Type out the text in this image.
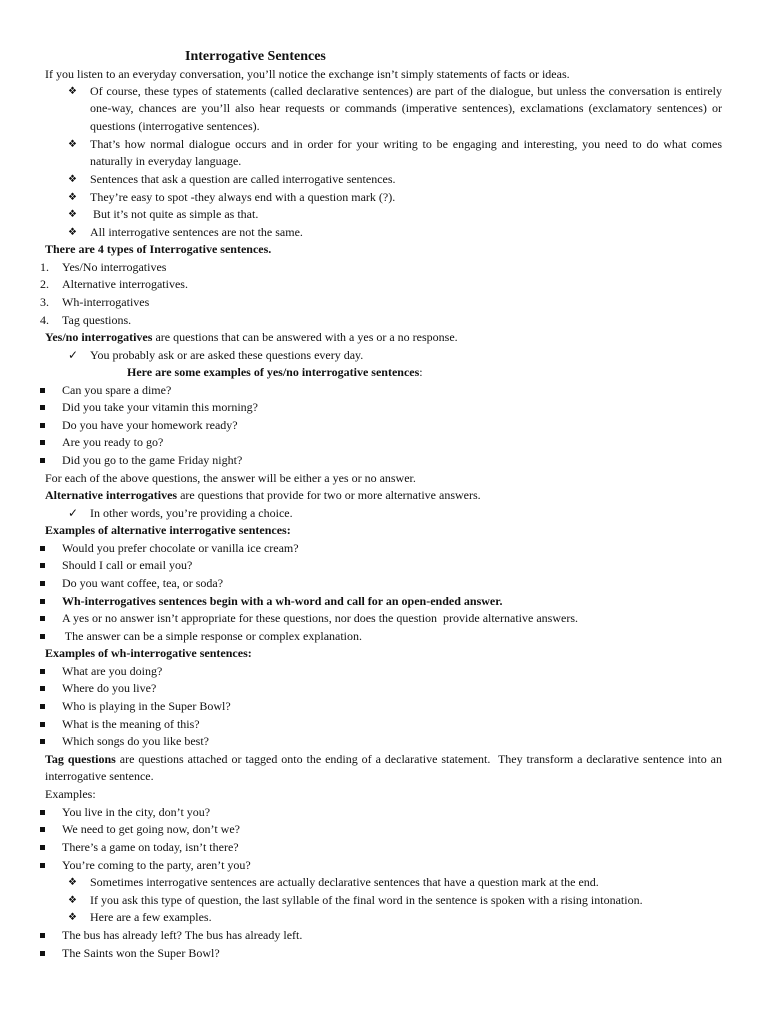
Interrogative Sentences
If you listen to an everyday conversation, you’ll notice the exchange isn’t simply statements of facts or ideas.
❖ Of course, these types of statements (called declarative sentences) are part of the dialogue, but unless the conversation is entirely one-way, chances are you’ll also hear requests or commands (imperative sentences), exclamations (exclamatory sentences) or questions (interrogative sentences).
❖ That’s how normal dialogue occurs and in order for your writing to be engaging and interesting, you need to do what comes naturally in everyday language.
❖ Sentences that ask a question are called interrogative sentences.
❖ They’re easy to spot -they always end with a question mark (?).
❖ But it’s not quite as simple as that.
❖ All interrogative sentences are not the same.
There are 4 types of Interrogative sentences.
1. Yes/No interrogatives
2. Alternative interrogatives.
3. Wh-interrogatives
4. Tag questions.
Yes/no interrogatives are questions that can be answered with a yes or a no response.
✓ You probably ask or are asked these questions every day.
Here are some examples of yes/no interrogative sentences:
Can you spare a dime?
Did you take your vitamin this morning?
Do you have your homework ready?
Are you ready to go?
Did you go to the game Friday night?
For each of the above questions, the answer will be either a yes or no answer.
Alternative interrogatives are questions that provide for two or more alternative answers.
✓ In other words, you’re providing a choice.
Examples of alternative interrogative sentences:
Would you prefer chocolate or vanilla ice cream?
Should I call or email you?
Do you want coffee, tea, or soda?
Wh-interrogatives sentences begin with a wh-word and call for an open-ended answer.
A yes or no answer isn’t appropriate for these questions, nor does the question  provide alternative answers.
The answer can be a simple response or complex explanation.
Examples of wh-interrogative sentences:
What are you doing?
Where do you live?
Who is playing in the Super Bowl?
What is the meaning of this?
Which songs do you like best?
Tag questions are questions attached or tagged onto the ending of a declarative statement.  They transform a declarative sentence into an interrogative sentence.
Examples:
You live in the city, don’t you?
We need to get going now, don’t we?
There’s a game on today, isn’t there?
You’re coming to the party, aren’t you?
❖ Sometimes interrogative sentences are actually declarative sentences that have a question mark at the end.
❖ If you ask this type of question, the last syllable of the final word in the sentence is spoken with a rising intonation.
❖ Here are a few examples.
The bus has already left? The bus has already left.
The Saints won the Super Bowl?
